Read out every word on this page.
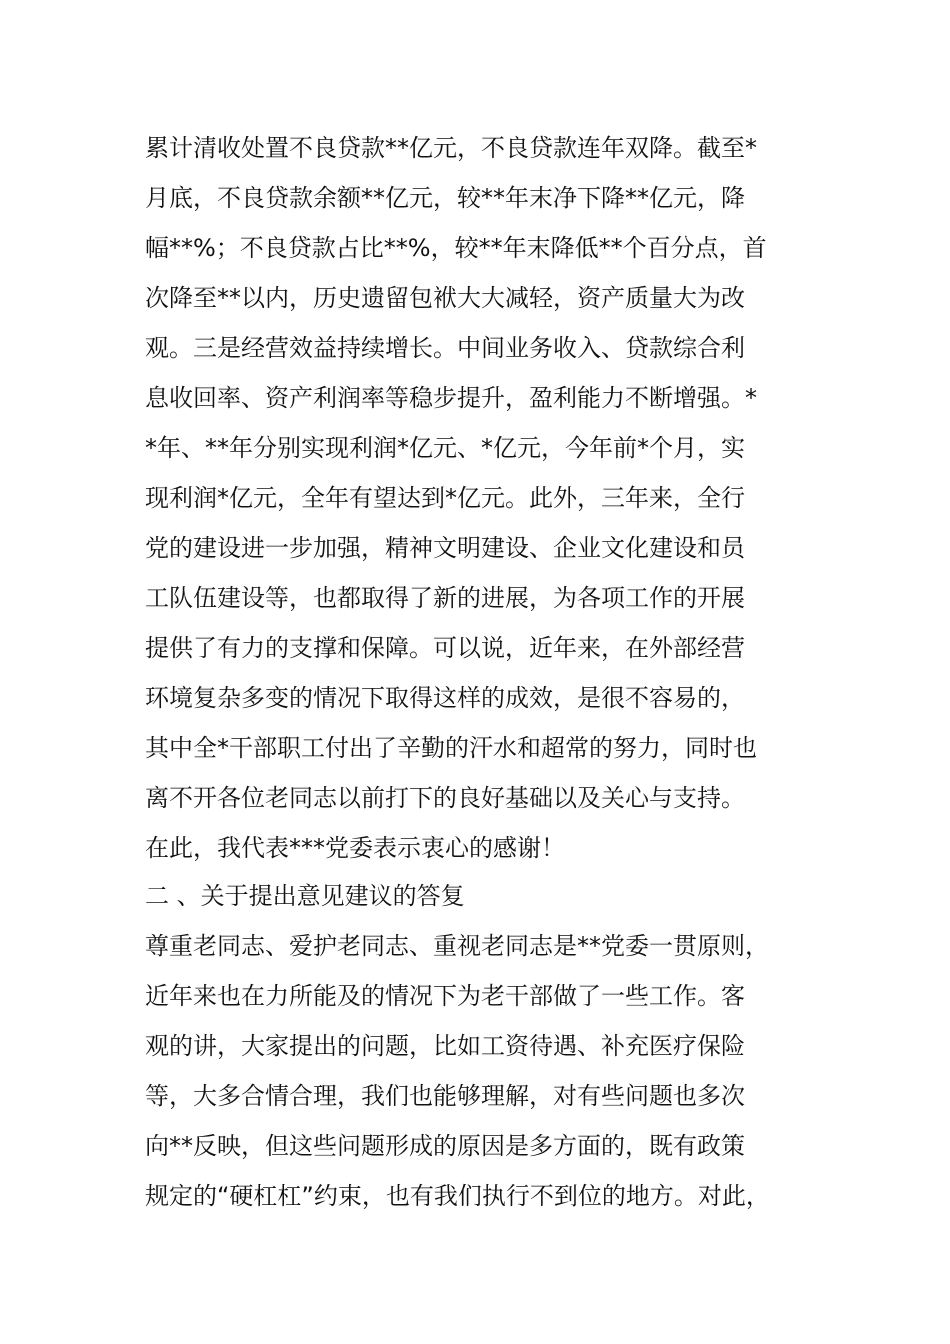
累计清收处置不良贷款**亿元，不良贷款连年双降。截至*
月底，不良贷款余额**亿元，较**年末净下降**亿元，降
幅**%；不良贷款占比**%，较**年末降低**个百分点，首
次降至**以内，历史遗留包袱大大减轻，资产质量大为改
观。三是经营效益持续增长。中间业务收入、贷款综合利
息收回率、资产利润率等稳步提升，盈利能力不断增强。*
*年、**年分别实现利润*亿元、*亿元，今年前*个月，实
现利润*亿元，全年有望达到*亿元。此外，三年来，全行
党的建设进一步加强，精神文明建设、企业文化建设和员
工队伍建设等，也都取得了新的进展，为各项工作的开展
提供了有力的支撑和保障。可以说，近年来，在外部经营
环境复杂多变的情况下取得这样的成效，是很不容易的，
其中全*干部职工付出了辛勤的汗水和超常的努力，同时也
离不开各位老同志以前打下的良好基础以及关心与支持。
在此，我代表***党委表示衷心的感谢！
二 、关于提出意见建议的答复
尊重老同志、爱护老同志、重视老同志是**党委一贯原则，
近年来也在力所能及的情况下为老干部做了一些工作。客
观的讲，大家提出的问题，比如工资待遇、补充医疗保险
等，大多合情合理，我们也能够理解，对有些问题也多次
向**反映，但这些问题形成的原因是多方面的，既有政策
规定的“硬杠杠”约束，也有我们执行不到位的地方。对此，
